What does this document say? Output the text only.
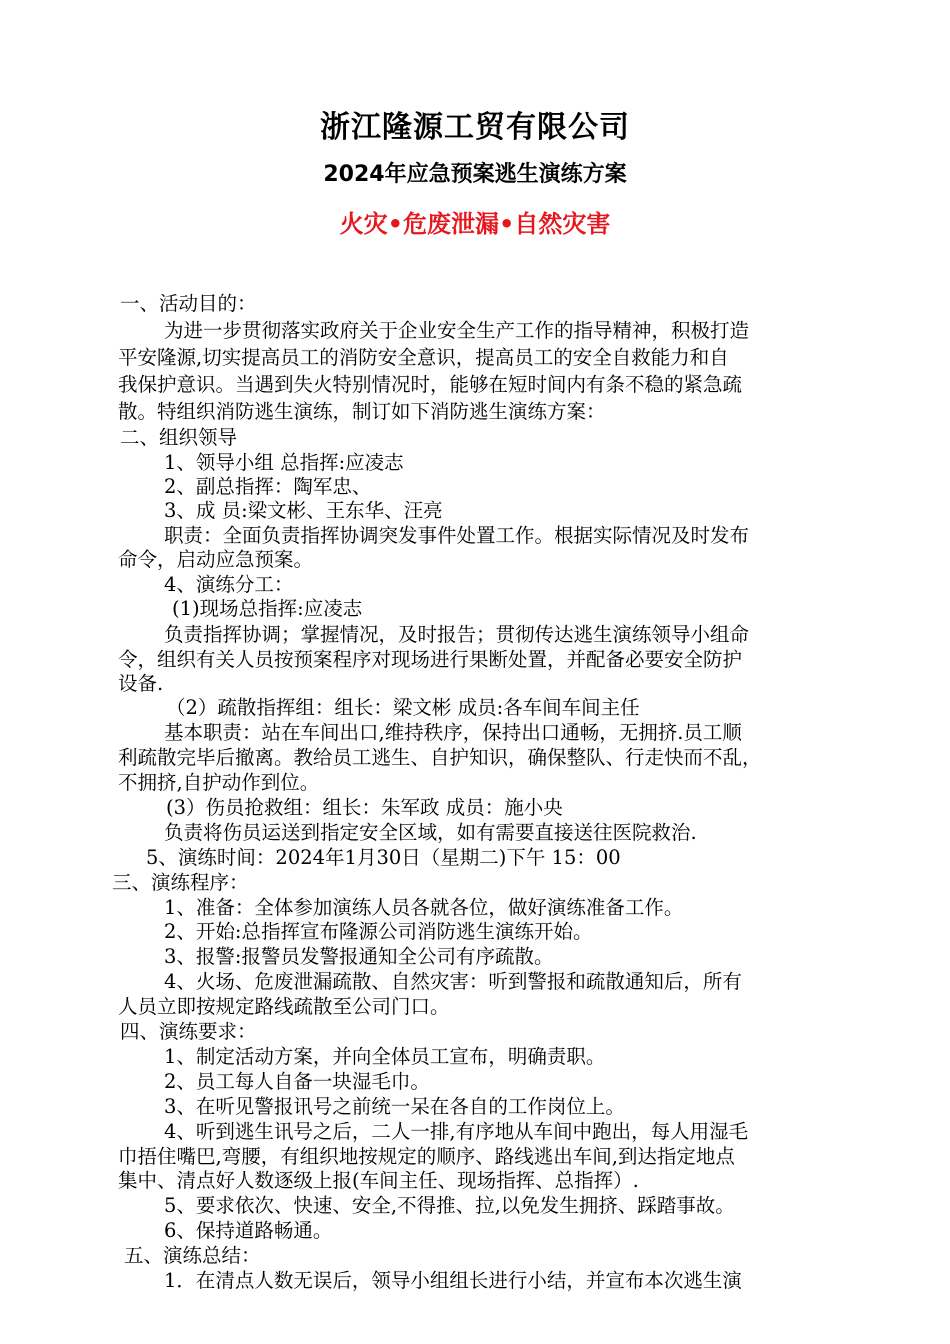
浙江隆源工贸有限公司
2024年应急预案逃生演练方案
火灾•危废泄漏•自然灾害
一、活动目的：
为进一步贯彻落实政府关于企业安全生产工作的指导精神，积极打造
平安隆源,切实提高员工的消防安全意识，提高员工的安全自救能力和自
我保护意识。当遇到失火特别情况时，能够在短时间内有条不稳的紧急疏
散。特组织消防逃生演练，制订如下消防逃生演练方案：
二、组织领导
1、领导小组 总指挥:应凌志
2、副总指挥：陶军忠、
3、成 员:梁文彬、王东华、汪亮
职责：全面负责指挥协调突发事件处置工作。根据实际情况及时发布
命令，启动应急预案。
4、演练分工：
(1)现场总指挥:应凌志
负责指挥协调；掌握情况，及时报告；贯彻传达逃生演练领导小组命
令，组织有关人员按预案程序对现场进行果断处置，并配备必要安全防护
设备.
（2）疏散指挥组：组长：梁文彬 成员:各车间车间主任
基本职责：站在车间出口,维持秩序，保持出口通畅，无拥挤.员工顺
利疏散完毕后撤离。教给员工逃生、自护知识，确保整队、行走快而不乱，
不拥挤,自护动作到位。
(3）伤员抢救组：组长：朱军政 成员：施小央
负责将伤员运送到指定安全区域，如有需要直接送往医院救治.
5、演练时间：2024年1月30日（星期二)下午 15：00
三、演练程序：
1、准备：全体参加演练人员各就各位，做好演练准备工作。
2、开始:总指挥宣布隆源公司消防逃生演练开始。
3、报警:报警员发警报通知全公司有序疏散。
4、火场、危废泄漏疏散、自然灾害：听到警报和疏散通知后，所有
人员立即按规定路线疏散至公司门口。
四、演练要求：
1、制定活动方案，并向全体员工宣布，明确责职。
2、员工每人自备一块湿毛巾。
3、在听见警报讯号之前统一呆在各自的工作岗位上。
4、听到逃生讯号之后，二人一排,有序地从车间中跑出，每人用湿毛
巾捂住嘴巴,弯腰，有组织地按规定的顺序、路线逃出车间,到达指定地点
集中、清点好人数逐级上报(车间主任、现场指挥、总指挥）.
5、要求依次、快速、安全,不得推、拉,以免发生拥挤、踩踏事故。
6、保持道路畅通。
五、演练总结：
1．在清点人数无误后，领导小组组长进行小结，并宣布本次逃生演
